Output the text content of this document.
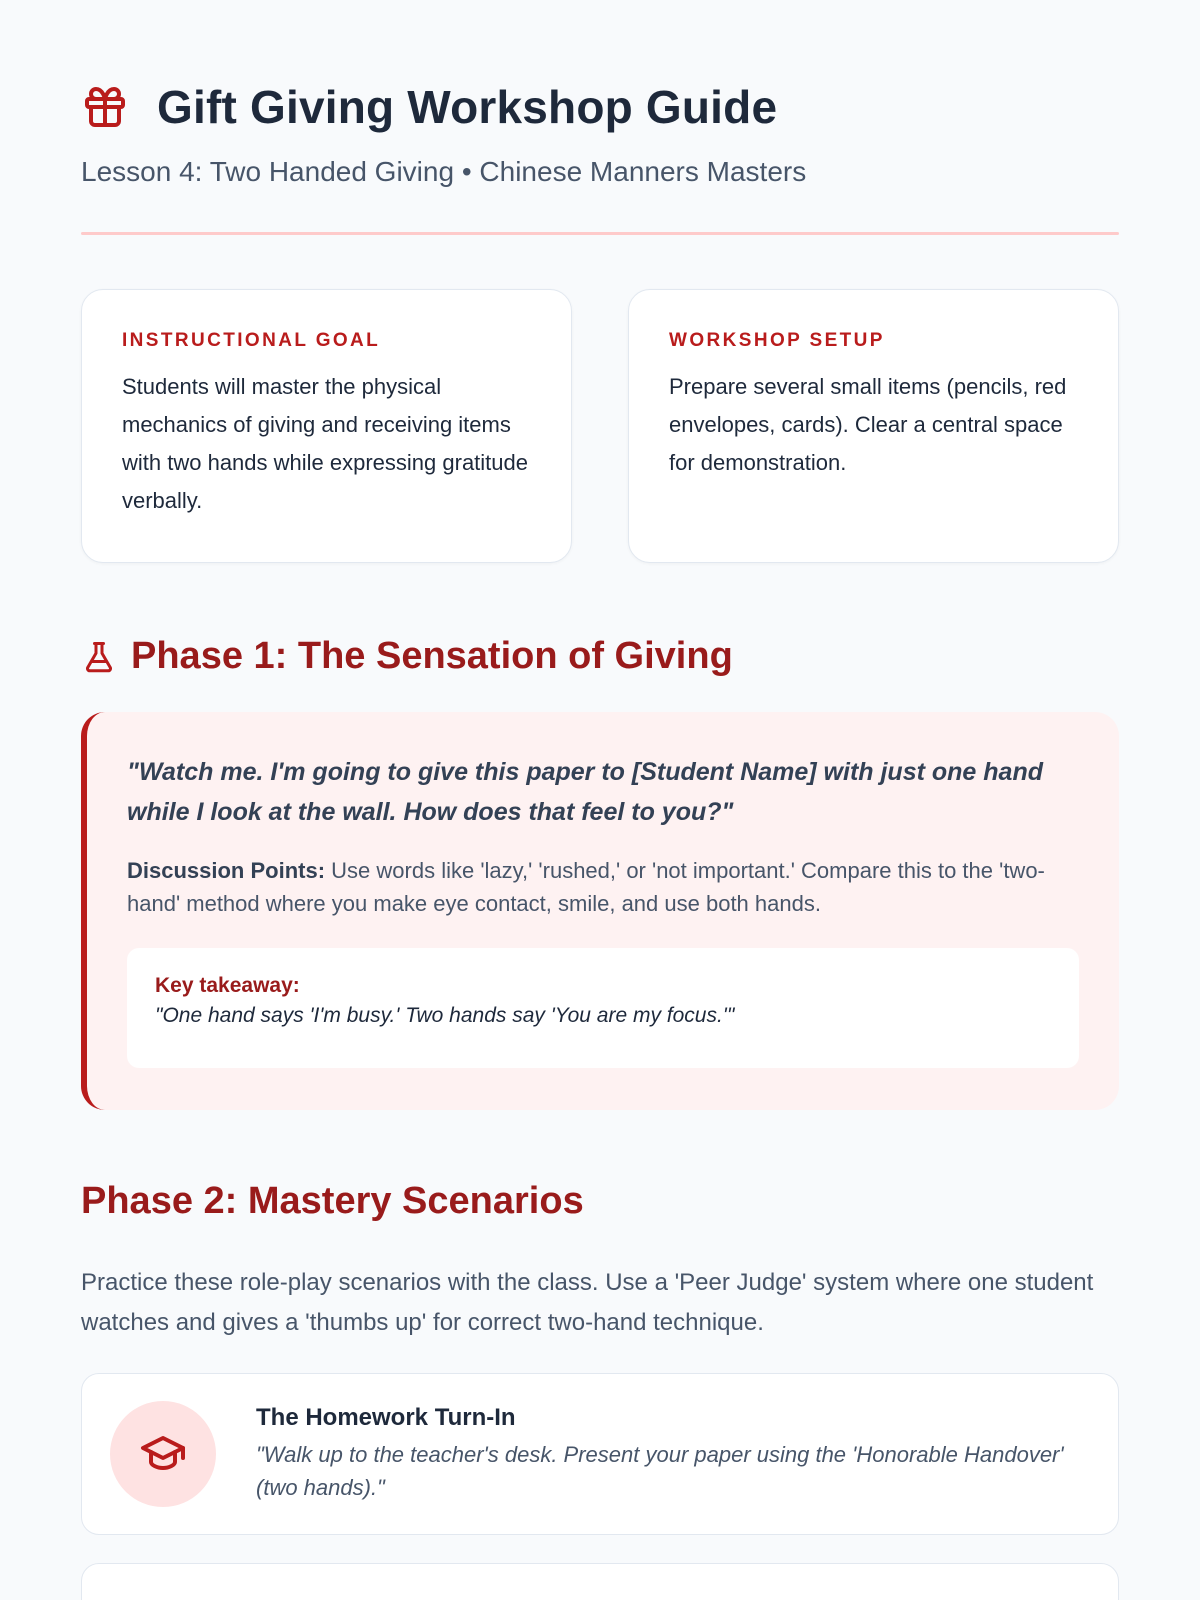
Gift Giving Workshop Guide

Lesson 4: Two Handed Giving • Chinese Manners Masters

INSTRUCTIONAL GOAL

Students will master the physical mechanics of giving and receiving items with two hands while expressing gratitude verbally.

WORKSHOP SETUP

Prepare several small items (pencils, red envelopes, cards). Clear a central space for demonstration.

Phase 1: The Sensation of Giving

"Watch me. I'm going to give this paper to [Student Name] with just one hand while I look at the wall. How does that feel to you?"

Discussion Points: Use words like 'lazy,' 'rushed,' or 'not important.' Compare this to the 'two-hand' method where you make eye contact, smile, and use both hands.

Key takeaway:
"One hand says 'I'm busy.' Two hands say 'You are my focus.'"
Phase 2: Mastery Scenarios

Practice these role-play scenarios with the class. Use a 'Peer Judge' system where one student watches and gives a 'thumbs up' for correct two-hand technique.

The Homework Turn-In
"Walk up to the teacher's desk. Present your paper using the 'Honorable Handover' (two hands)."
